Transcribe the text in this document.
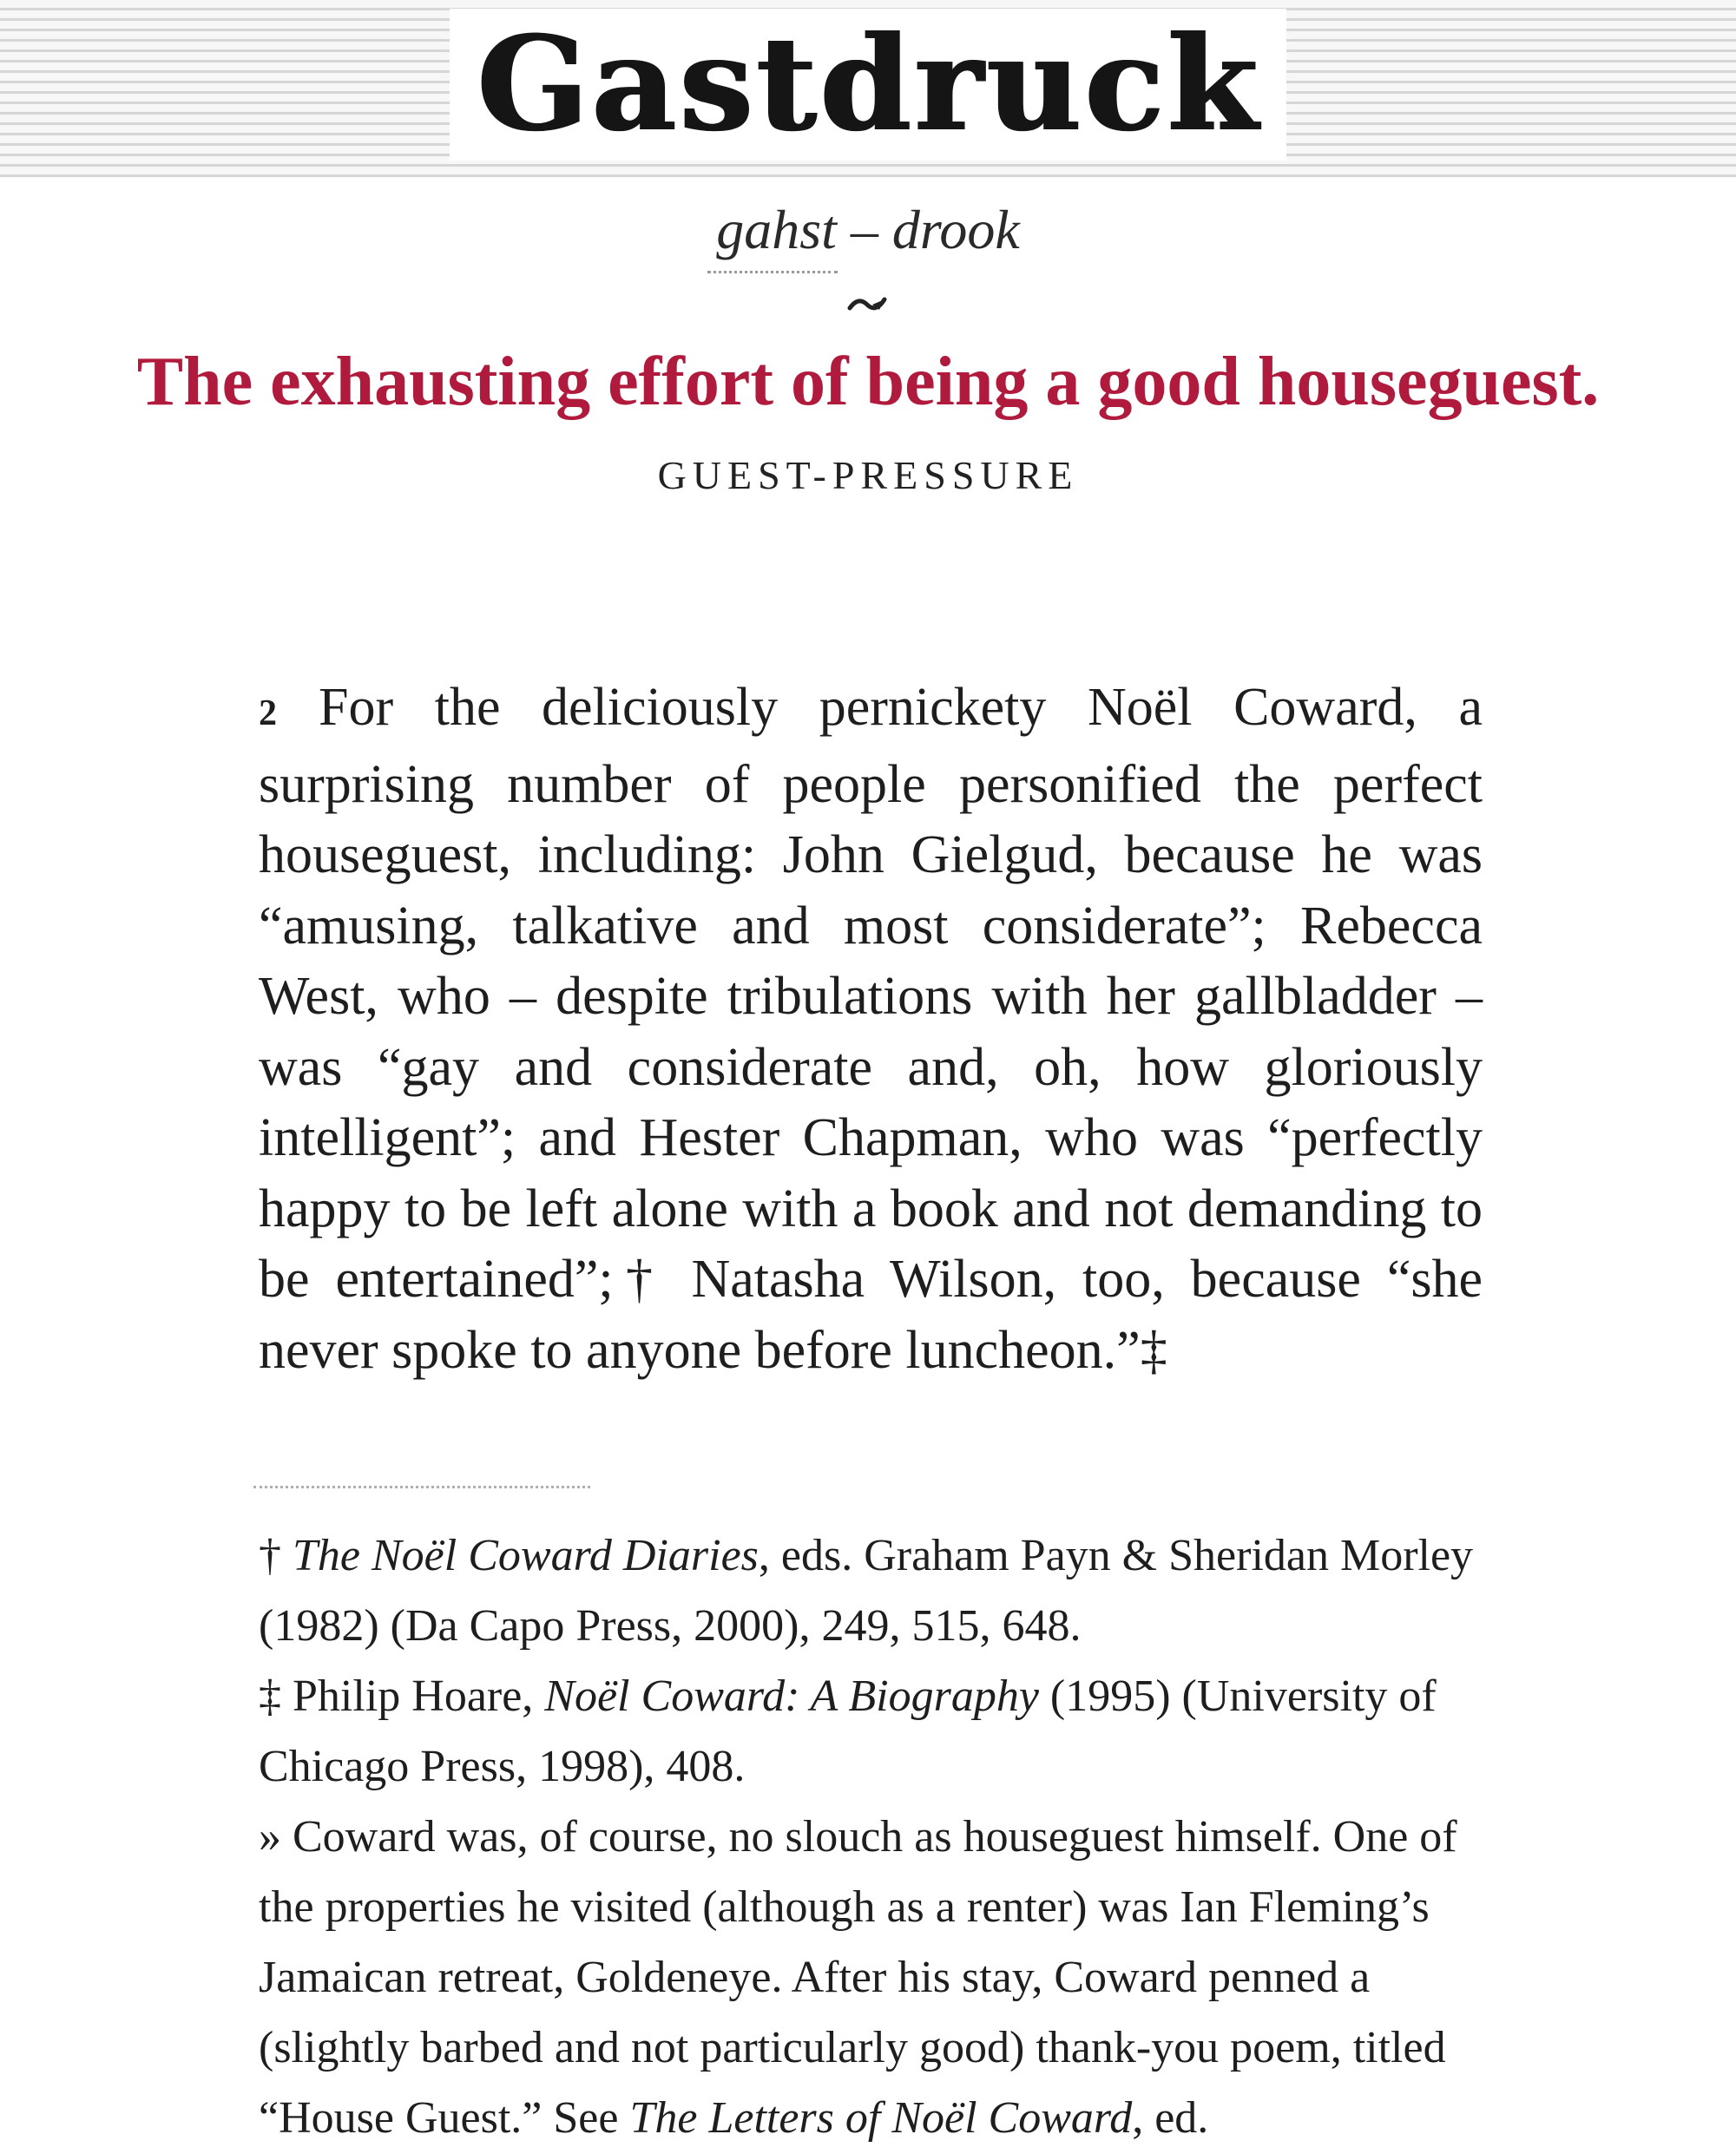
Gastdruck
gahst – drook
The exhausting effort of being a good houseguest.
GUEST-PRESSURE
2 For the deliciously pernickety Noël Coward, a surprising number of people personified the perfect houseguest, including: John Gielgud, because he was “amusing, talkative and most considerate”; Rebecca West, who – despite tribulations with her gallbladder – was “gay and considerate and, oh, how gloriously intelligent”; and Hester Chapman, who was “perfectly happy to be left alone with a book and not demanding to be entertained”;† Natasha Wilson, too, because “she never spoke to anyone before luncheon.”‡

† The Noël Coward Diaries, eds. Graham Payn & Sheridan Morley (1982) (Da Capo Press, 2000), 249, 515, 648.

‡ Philip Hoare, Noël Coward: A Biography (1995) (University of Chicago Press, 1998), 408.

» Coward was, of course, no slouch as houseguest himself. One of the properties he visited (although as a renter) was Ian Fleming’s Jamaican retreat, Goldeneye. After his stay, Coward penned a (slightly barbed and not particularly good) thank-you poem, titled “House Guest.” See The Letters of Noël Coward, ed.
